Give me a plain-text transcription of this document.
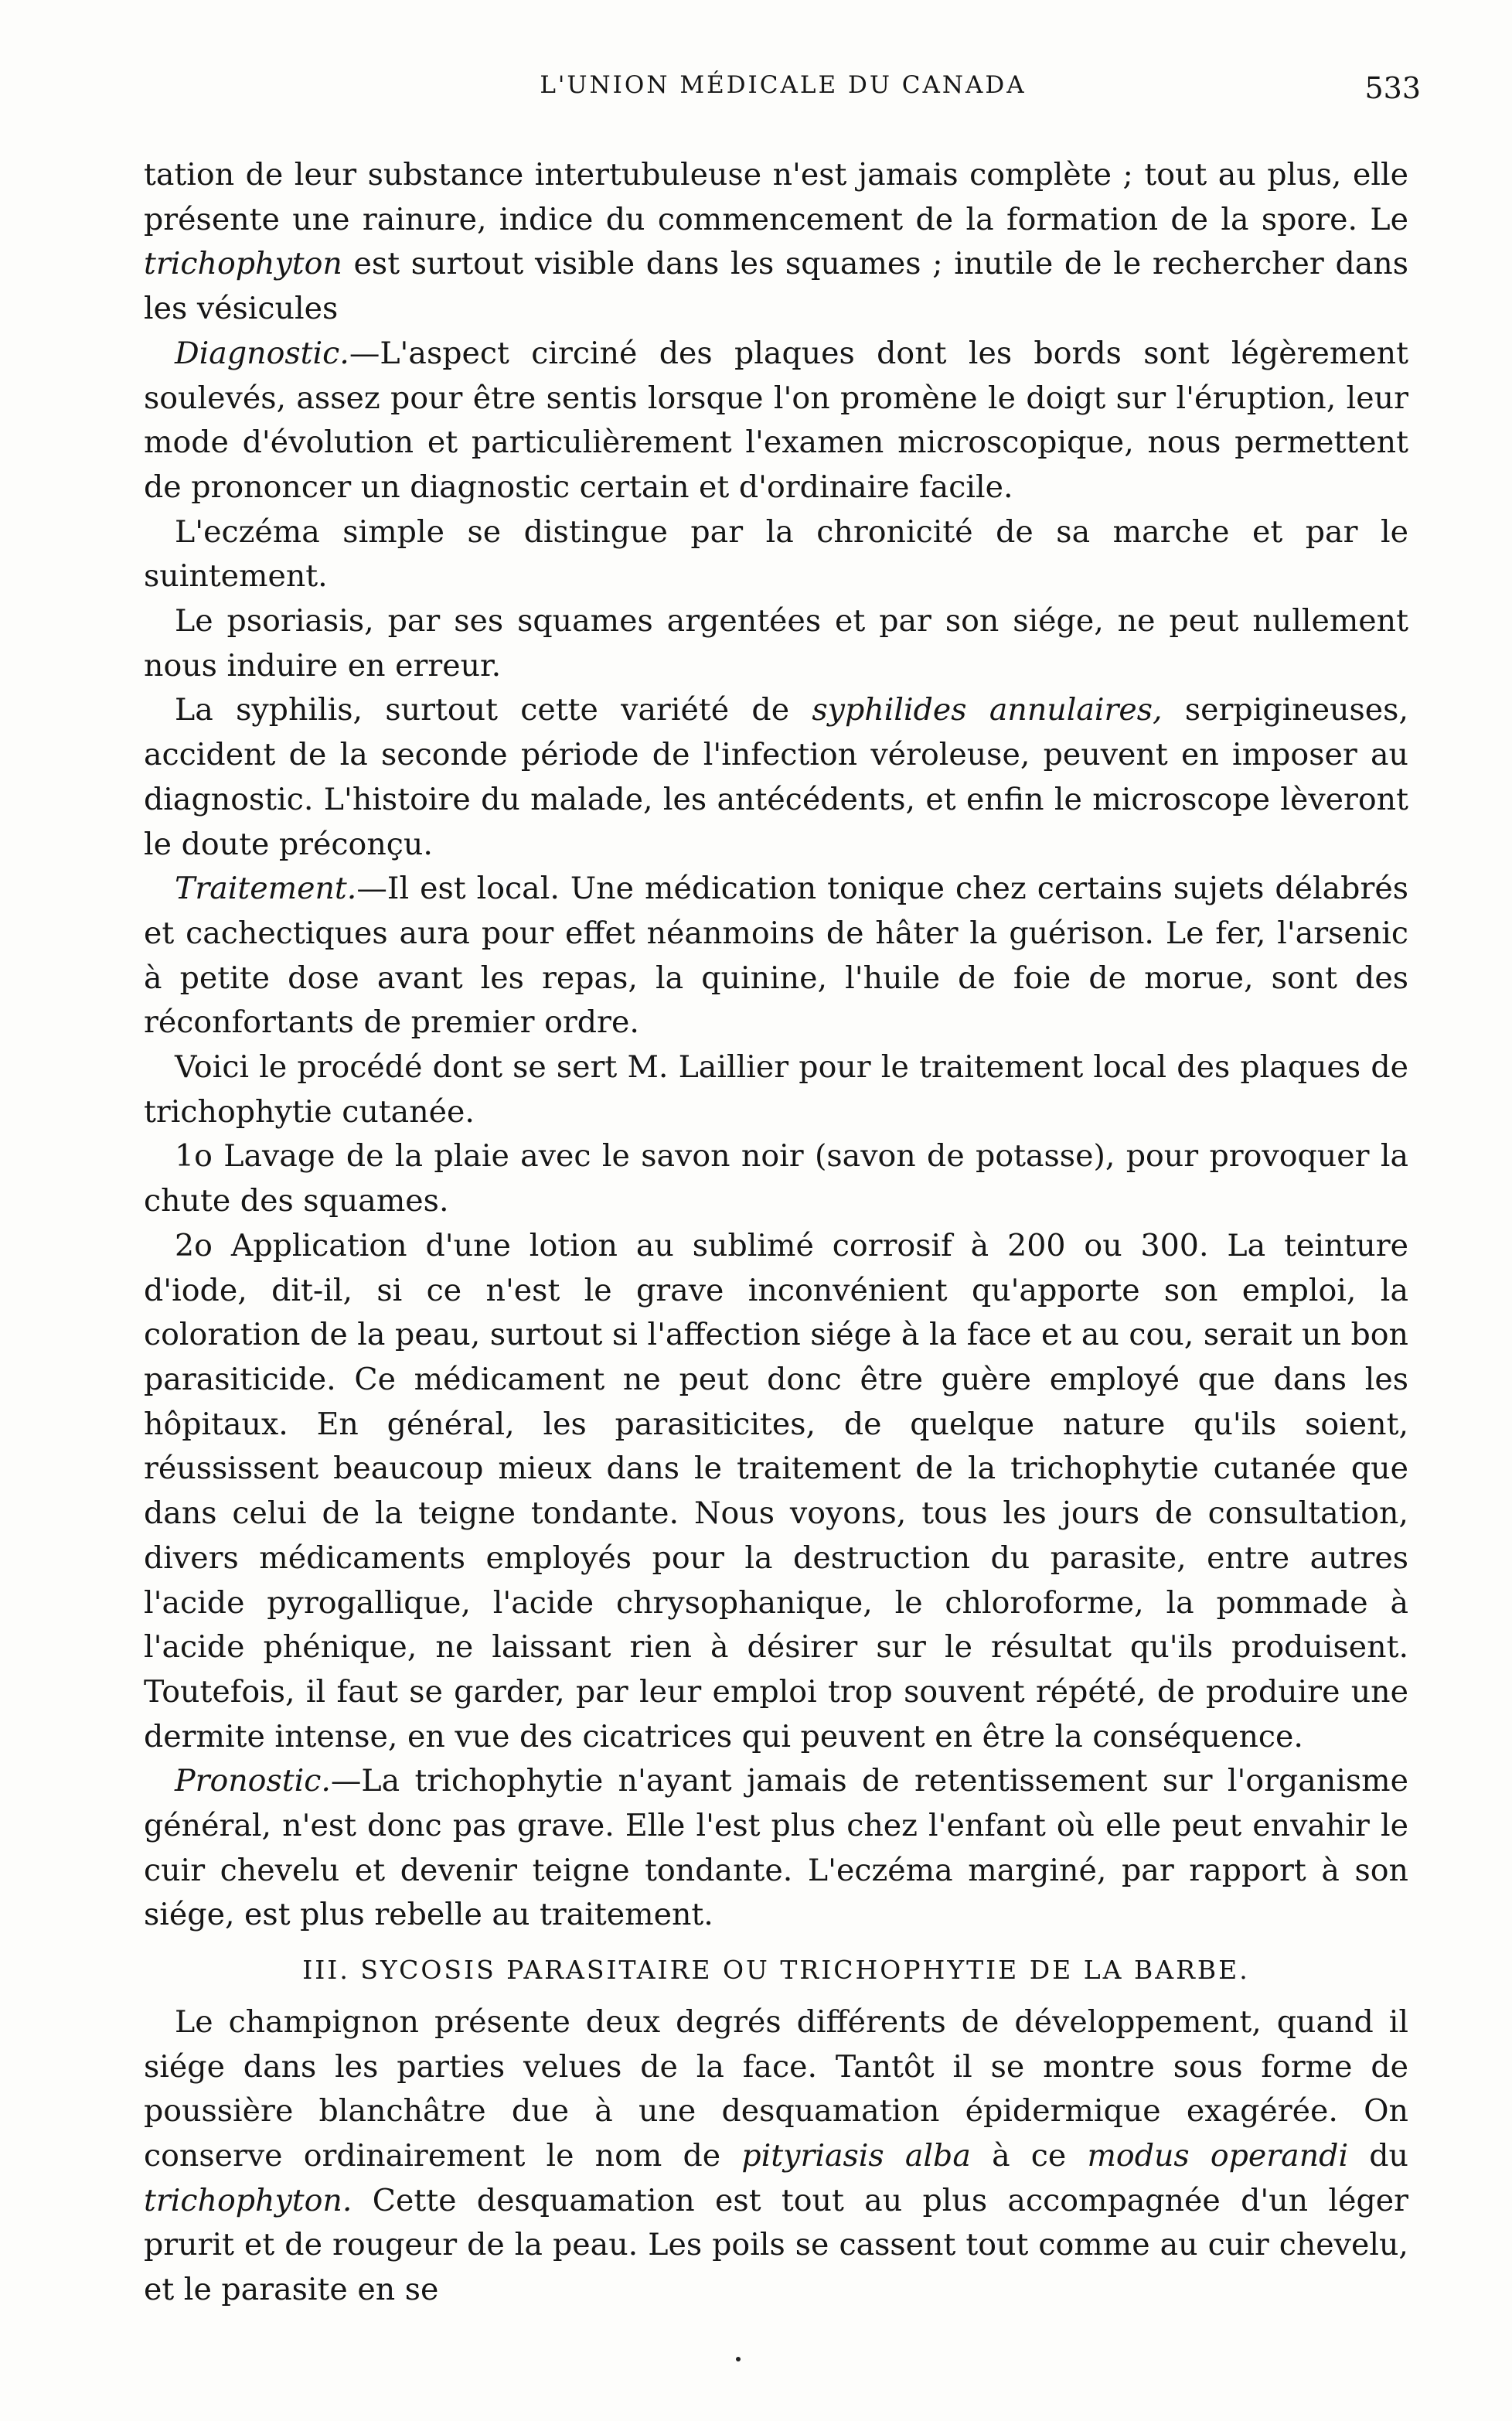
L'UNION MÉDICALE DU CANADA	533

tation de leur substance intertubuleuse n'est jamais complète ; tout au plus, elle présente une rainure, indice du commencement de la formation de la spore. Le trichophyton est surtout visible dans les squames ; inutile de le rechercher dans les vésicules

Diagnostic.—L'aspect circiné des plaques dont les bords sont légèrement soulevés, assez pour être sentis lorsque l'on promène le doigt sur l'éruption, leur mode d'évolution et particulièrement l'examen microscopique, nous permettent de prononcer un diagnostic certain et d'ordinaire facile.

L'eczéma simple se distingue par la chronicité de sa marche et par le suintement.

Le psoriasis, par ses squames argentées et par son siége, ne peut nullement nous induire en erreur.

La syphilis, surtout cette variété de syphilides annulaires, serpigineuses, accident de la seconde période de l'infection véroleuse, peuvent en imposer au diagnostic. L'histoire du malade, les antécédents, et enfin le microscope lèveront le doute préconçu.

Traitement.—Il est local. Une médication tonique chez certains sujets délabrés et cachectiques aura pour effet néanmoins de hâter la guérison. Le fer, l'arsenic à petite dose avant les repas, la quinine, l'huile de foie de morue, sont des réconfortants de premier ordre.

Voici le procédé dont se sert M. Laillier pour le traitement local des plaques de trichophytie cutanée.

1o Lavage de la plaie avec le savon noir (savon de potasse), pour provoquer la chute des squames.

2o Application d'une lotion au sublimé corrosif à 200 ou 300. La teinture d'iode, dit-il, si ce n'est le grave inconvénient qu'apporte son emploi, la coloration de la peau, surtout si l'affection siége à la face et au cou, serait un bon parasiticide. Ce médicament ne peut donc être guère employé que dans les hôpitaux. En général, les parasiticites, de quelque nature qu'ils soient, réussissent beaucoup mieux dans le traitement de la trichophytie cutanée que dans celui de la teigne tondante. Nous voyons, tous les jours de consultation, divers médicaments employés pour la destruction du parasite, entre autres l'acide pyrogallique, l'acide chrysophanique, le chloroforme, la pommade à l'acide phénique, ne laissant rien à désirer sur le résultat qu'ils produisent. Toutefois, il faut se garder, par leur emploi trop souvent répété, de produire une dermite intense, en vue des cicatrices qui peuvent en être la conséquence.

Pronostic.—La trichophytie n'ayant jamais de retentissement sur l'organisme général, n'est donc pas grave. Elle l'est plus chez l'enfant où elle peut envahir le cuir chevelu et devenir teigne tondante. L'eczéma marginé, par rapport à son siége, est plus rebelle au traitement.

III. SYCOSIS PARASITAIRE OU TRICHOPHYTIE DE LA BARBE.

Le champignon présente deux degrés différents de développement, quand il siége dans les parties velues de la face. Tantôt il se montre sous forme de poussière blanchâtre due à une desquamation épidermique exagérée. On conserve ordinairement le nom de pityriasis alba à ce modus operandi du trichophyton. Cette desquamation est tout au plus accompagnée d'un léger prurit et de rougeur de la peau. Les poils se cassent tout comme au cuir chevelu, et le parasite en se
